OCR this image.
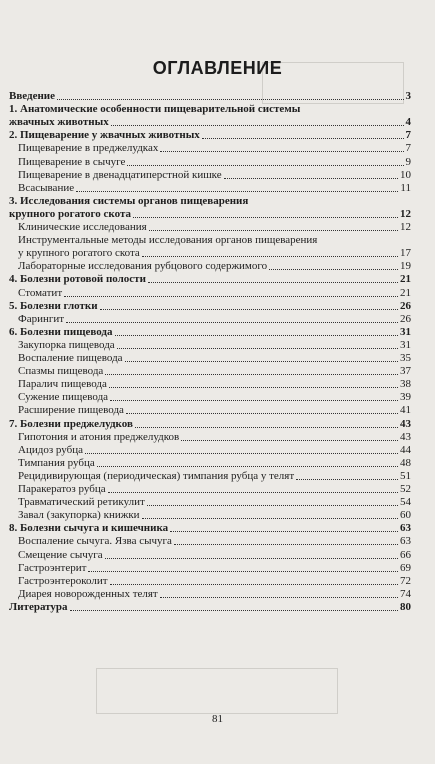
ОГЛАВЛЕНИЕ
Введение	3
1. Анатомические особенности пищеварительной системы
жвачных животных	4
2. Пищеварение у жвачных животных	7
Пищеварение в преджелудках	7
Пищеварение в сычуге	9
Пищеварение в двенадцатиперстной кишке	10
Всасывание	11
3. Исследования системы органов пищеварения
крупного рогатого скота	12
Клинические исследования	12
Инструментальные методы исследования органов пищеварения
у крупного рогатого скота	17
Лабораторные исследования рубцового содержимого	19
4. Болезни ротовой полости	21
Стоматит	21
5. Болезни глотки	26
Фарингит	26
6. Болезни пищевода	31
Закупорка пищевода	31
Воспаление пищевода	35
Спазмы пищевода	37
Паралич пищевода	38
Сужение пищевода	39
Расширение пищевода	41
7. Болезни преджелудков	43
Гипотония и атония преджелудков	43
Ацидоз рубца	44
Тимпания рубца	48
Рецидивирующая (периодическая) тимпания рубца у телят	51
Паракератоз рубца	52
Травматический ретикулит	54
Завал (закупорка) книжки	60
8. Болезни сычуга и кишечника	63
Воспаление сычуга. Язва сычуга	63
Смещение сычуга	66
Гастроэнтерит	69
Гастроэнтероколит	72
Диарея новорожденных телят	74
Литература	80
81
